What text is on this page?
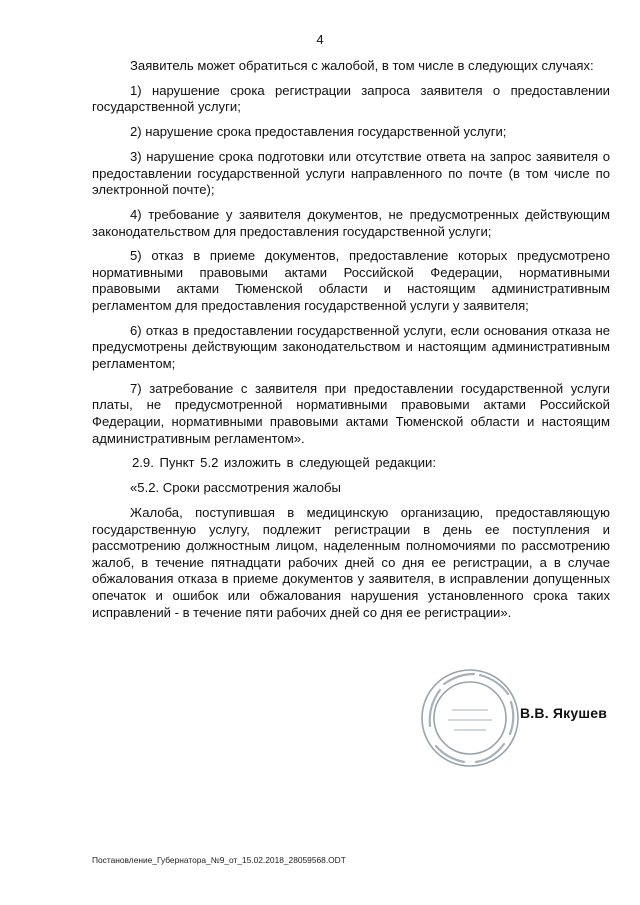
4

Заявитель может обратиться с жалобой, в том числе в следующих случаях:

1) нарушение срока регистрации запроса заявителя о предоставлении государственной услуги;

2) нарушение срока предоставления государственной услуги;

3) нарушение срока подготовки или отсутствие ответа на запрос заявителя о предоставлении государственной услуги направленного по почте (в том числе по электронной почте);

4) требование у заявителя документов, не предусмотренных действующим законодательством для предоставления государственной услуги;

5) отказ в приеме документов, предоставление которых предусмотрено нормативными правовыми актами Российской Федерации, нормативными правовыми актами Тюменской области и настоящим административным регламентом для предоставления государственной услуги у заявителя;

6) отказ в предоставлении государственной услуги, если основания отказа не предусмотрены действующим законодательством и настоящим административным регламентом;

7) затребование с заявителя при предоставлении государственной услуги платы, не предусмотренной нормативными правовыми актами Российской Федерации, нормативными правовыми актами Тюменской области и настоящим административным регламентом».

2.9. Пункт 5.2 изложить в следующей редакции:

«5.2. Сроки рассмотрения жалобы

Жалоба, поступившая в медицинскую организацию, предоставляющую государственную услугу, подлежит регистрации в день ее поступления и рассмотрению должностным лицом, наделенным полномочиями по рассмотрению жалоб, в течение пятнадцати рабочих дней со дня ее регистрации, а в случае обжалования отказа в приеме документов у заявителя, в исправлении допущенных опечаток и ошибок или обжалования нарушения установленного срока таких исправлений - в течение пяти рабочих дней со дня ее регистрации».

В.В. Якушев
Постановление_Губернатора_№9_от_15.02.2018_28059568.ODT
